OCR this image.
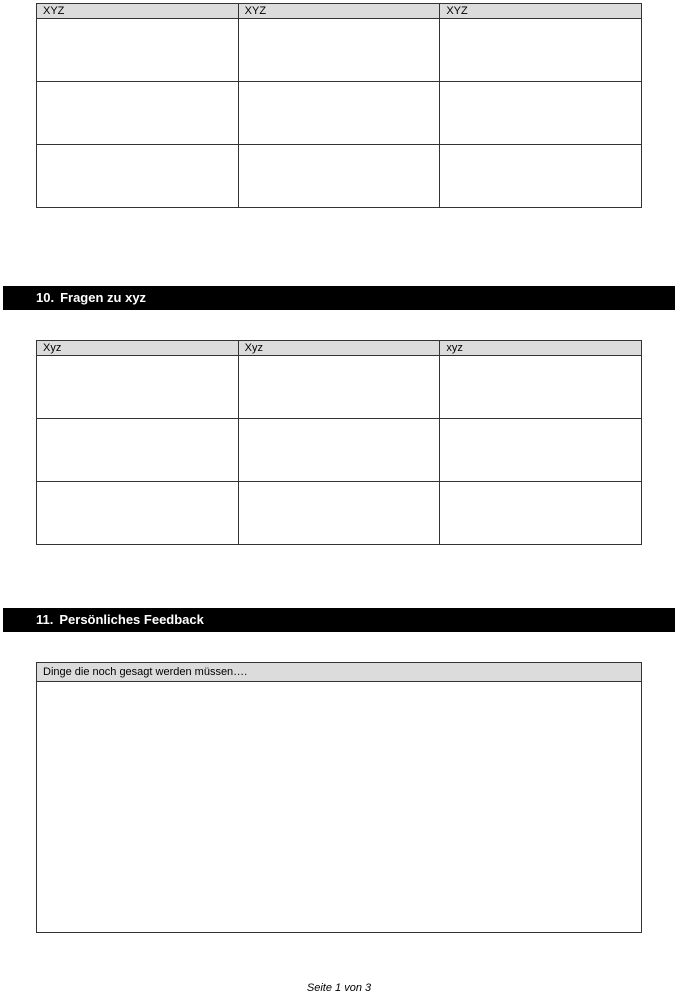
XYZ	XYZ	XYZ

10. Fragen zu xyz
Xyz	Xyz	xyz

11. Persönliches Feedback
Dinge die noch gesagt werden müssen….

Seite 1 von 3
